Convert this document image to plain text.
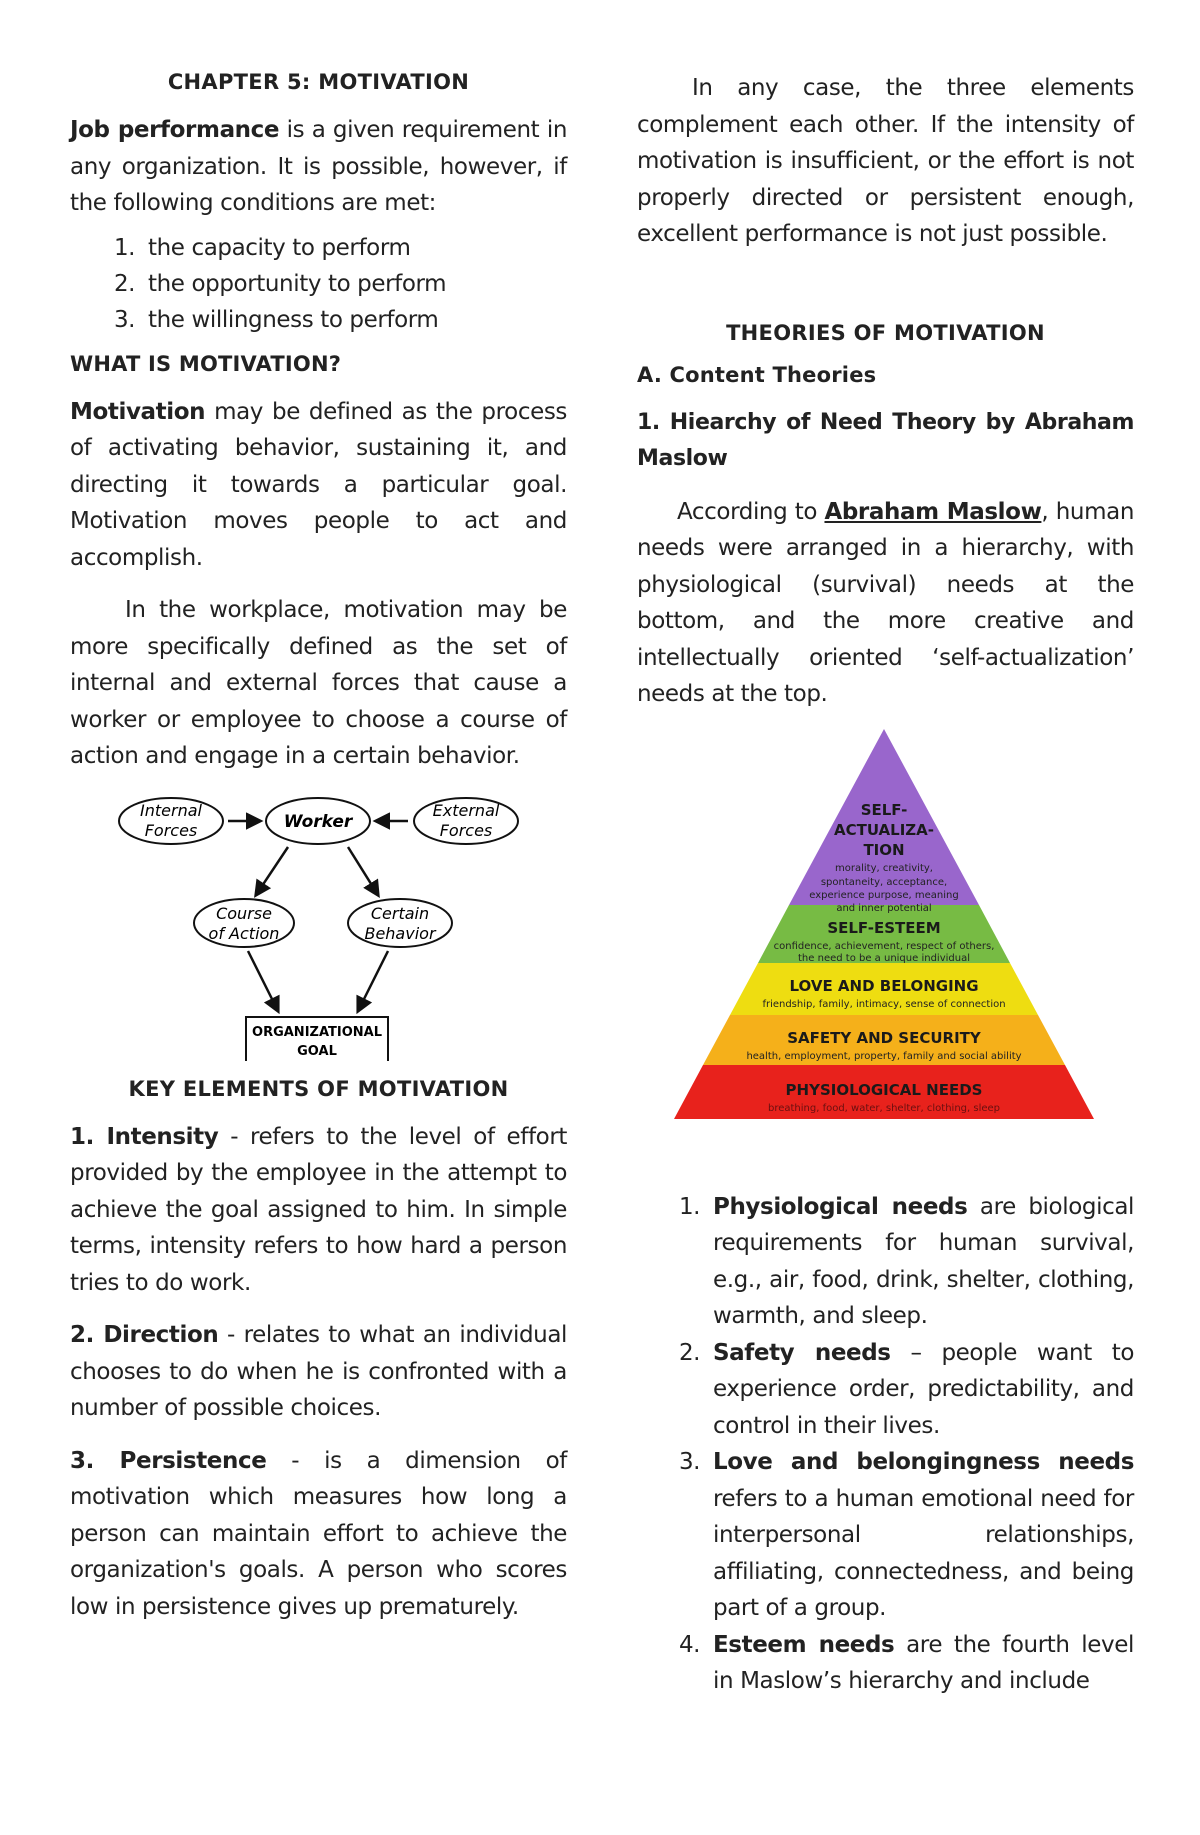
CHAPTER 5: MOTIVATION

Job performance is a given requirement in any organization. It is possible, however, if the following conditions are met:

1. the capacity to perform
2. the opportunity to perform
3. the willingness to perform
WHAT IS MOTIVATION?

Motivation may be defined as the process of activating behavior, sustaining it, and directing it towards a particular goal. Motivation moves people to act and accomplish.

In the workplace, motivation may be more specifically defined as the set of internal and external forces that cause a worker or employee to choose a course of action and engage in a certain behavior.

Internal
Forces	Worker
External
Forces
Course
of Action
Certain
Behavior
ORGANIZATIONAL
GOAL
KEY ELEMENTS OF MOTIVATION

1. Intensity - refers to the level of effort provided by the employee in the attempt to achieve the goal assigned to him. In simple terms, intensity refers to how hard a person tries to do work.

2. Direction - relates to what an individual chooses to do when he is confronted with a number of possible choices.

3. Persistence - is a dimension of motivation which measures how long a person can maintain effort to achieve the organization's goals. A person who scores low in persistence gives up prematurely.

In any case, the three elements complement each other. If the intensity of motivation is insufficient, or the effort is not properly directed or persistent enough, excellent performance is not just possible.

THEORIES OF MOTIVATION
A. Content Theories

1. Hiearchy of Need Theory by Abraham Maslow

According to Abraham Maslow, human needs were arranged in a hierarchy, with physiological (survival) needs at the bottom, and the more creative and intellectually oriented ‘self-actualization’ needs at the top.

SELF-
ACTUALIZA-
TION
morality, creativity,
spontaneity, acceptance,
experience purpose, meaning
and inner potential
SELF-ESTEEM
confidence, achievement, respect of others,
the need to be a unique individual
LOVE AND BELONGING
friendship, family, intimacy, sense of connection
SAFETY AND SECURITY
health, employment, property, family and social ability
PHYSIOLOGICAL NEEDS
breathing, food, water, shelter, clothing, sleep
1. Physiological needs are biological requirements for human survival, e.g., air, food, drink, shelter, clothing, warmth, and sleep.
2. Safety needs – people want to experience order, predictability, and control in their lives.
3. Love and belongingness needs refers to a human emotional need for interpersonal relationships, affiliating, connectedness, and being part of a group.
4. Esteem needs are the fourth level in Maslow’s hierarchy and include
